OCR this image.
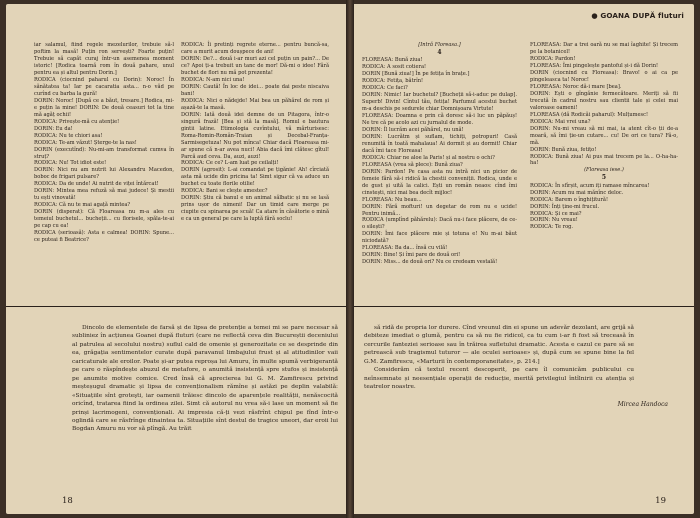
iar salamul, fiind regele mezelurilor, trebuie să-l poftim la masă! Puțin ron servești? Foarte puțin! Trebuie să capăt curaj într-un asemenea moment istoric! [Rodica toarnă rom în două pahare, unul pentru ea și altul pentru Dorin.]

RODICA (ciocnind paharul cu Dorin): Noroc! În sănătatea ta! Iar pe cacaratia asta... n-o văd pe curînd cu barba la gură!

DORIN: Noroc! [După ce a băut, tresare.] Rodica, mi-e puțin la mine! DORIN: De două ceasuri tot la tine mă agăț ochii!

RODICA: Privește-mă cu atenție!

DORIN: Eu da!

RODICA: Nu te chiori asa!

RODICA: Te-am văzut! Șterge-te la nas!

DORIN (executînd): Nu-mi-am transformat cumva în struț?

RODICA: Nu! Tot idiot este!

DORIN: Nici nu am nutrit lui Alexandru Macedon, boboc de frigari pulsare?

RODICA: Da de unde! Ai nutrit de viței întărcat!

DORIN: Mintea mea refuză să mai judece! Și mestii tu ești vinovată!

RODICA: Că nu te mai agață mintea?

DORIN (disperat): Că Floareasa nu m-a ales cu temeiul buchetul... bucheții... cu florisele, spăla-te-ai pe cap cu ea!

RODICA (serioasă): Asta e calmea! DORIN: Spune... ce puteai fi Beatrice?

RODICA: Îi pretinți regrete eterne... pentru buncă-sa, care a murit acum doușpece de ani!

DORIN: De?... două i-ar muri azi cel puțin un pain?... De ce? Apoi ți-a trebuit un tanc de mor! Dă-mi o idee! Fără buchet de flori nu mă pot prezenta!

RODICA: N-am nici una!

DORIN: Caută! În loc de idei... poate dai peste niscaiva bani!

RODICA: Nici o nădejde! Mai bea un păhărel de rom și așază-te la masă.

DORIN: Iată două idei demne de un Pitagora, într-o singură frază! [Bea și stă la masă]. Romul e bautura gintii latine. Etimologia cuvîntului, vă mărturisesc: Roma-Romin-Român-Traian și Decebal-Franța-Sarmisegetuza! Nu pot mînca! Chiar dacă Floareasa mi-ar spune că n-ar avea nuci! Abia dacă îmi clătesc gîtul! Parcă aud ceva. Da, auzi, auzi!

RODICA: Ce ce? L-am luat pe ceilalți!

DORIN (agrosit): L-ai comandat pe țigănie! Ah! cîrciată asta mă ucide din pricina ta! Simt sigur că va aduce un buchet cu toate florile otilie!

RODICA: Bani se clește amestec?

DORIN: Știu că banul e un animal sălbatic și nu se lasă prins ușor de nimeni! Dar un timid care merge pe ciupite cu spinarea pe scuă! Ca atare în căsătorie o mină e ca un general pe care la luptă fără soclu!

Dincolo de elementele de farsă și de lipsa de pretenție a temei mi se pare necesar să subliniez în acțiunea Goanei după fluturi (care ne reflectă ceva din Bucureștii deceniului al patrulea al secolului nostru) suflul cald de omenie și generozitate ce se desprinde din ea, grăgația sentimentelor curate după paravanul limbajului frust și al atitudinilor vaii caricaturale ale eroilor. Poate și-ar putea reproșa lui Amuru, în multe spumă verbigerantă pe care o răspîndește abuzul de metafore, o anumită insistență spre stufos și insistență pe anumite motive comice. Cred însă că aprecierea lui G. M. Zamfirescu privind meșteșugul dramatic și lipsa de convenționalism rămîne și astăzi pe deplin valabilă: «Situațiile sînt groteşti, iar oamenii trăiesc dincolo de aparențele realității, nenăscocită oricînd, tratarea fiind la ordinea zilei. Simt că autorul nu vrea să-i lase un moment să fie prinși lacrimogeni, convenționali. Ai impresia că-ți vezi răsfrînt chipul pe fînd într-o oglindă care se răsfrînge dinaintea ta. Situațiile sînt destul de tragice uneori, dar eroii lui Bogdan Amuru nu vor să plîngă. Au trăit

18
● GOANA DUPĂ fluturi

[Intră Floreasa.]

4

FLOREASA: Bună ziua!

RODICA: A sosit cotiera!

DORIN [Bună ziua!] În pe fetița în brațe.]

RODICA: Fetița, bătrîn!

RODICA: Ce faci?

DORIN: Nimic! Iar buchetul? [Bucheții să-i-aduc pe dulap]. Superb! Divin! Cîntul tău, fetița! Parfumul acestui buchet m-a deschis pe sedurele chiar Domnișoara Virtute!

FLOREASA: Doamna e prin că doresc să-i luc un păpăuș! Ne tre că pe acolo azi cu jurnalul de mode.

DORIN: Îl lucrăm acei păhărel, nu ună!

DORIN: Lucrătm și suflam, tichiți, potropuri! Casă renumită în toată mahalaua! Ai dormit și au dormit! Chiar dacă îmi tace Floreasa!

RODICA: Chiar ne aloe la Paris! și al nostru o ochi?

FLOREASA (vrea să plece): Bună ziua?

DORIN: Pardon! Pe casa asta nu intră nici un picior de femeie fără să-i ridică la chestii conveniții. Rodica, unde e de gust și uită la calici. Ești un român neaos: cînd îmi cinstești, nici mai bea decît mijloc!

FLOREASA: Nu beau...

DORIN: Fără mofturi! un degetar de rom nu e ucide! Pentru inimă...

RODICA (umplînd păhărelu): Dacă nu-i face plăcere, de ce-o silești?

DORIN: Îmi face plăcere mie și totuna e! Nu m-ai băut niciodată?

FLOREASA: Ba da... însă cu vilă!

DORIN: Bine! Și îmi pare de două ori!

DORIN: Miss... de două ori? Nu ce credeam vestală!

FLOREASA: Dar a trei oară nu se mai îaghite! Și trecem pe la botanicel!

RODICA: Pardon!

FLOREASA: Îmi pingelește pantoful și-i dă Dorin!

DORIN (ciocnind cu Floreasa): Bravo! o ai ca pe pingeleasca ta! Noroc!

FLOREASA: Noroc dă-i mare [bea].

DORIN: Ești o gîngănie fermecătoare. Meriți să fii trecută în cadrul nostru sau clientii tale și celei mai valoroase oameni!

FLOREASA (dă Rodicăi paharul): Mulțumesc!

RODICA: Mai vrei una?

DORIN: Nu-mi vreau să mi mai, ia atent cît-o ții de-a moară, să îmi ție-un cutare... cu! De ori ce tura? Fă-o, mă.

DORIN: Bună ziua, fetițo!

RODICA: Bună ziua! Ai pus mai trecem pe la... O-ha-ha-ha!

(Floreasa iese.)

5

RODICA: În sfîrșit, acum iți ramase mîncarea!

DORIN: Acum nu mai mănînc deloc.

RODICA: Barem o înghițitură!

DORIN: Înți ține-mi frucul.

RODICA: Și ce mai?

DORIN: Nu vreau!

RODICA: Te rog.

să ridă de propria lor durere. Cînd vreunul din ei spune un adevăr dezolant, are grijă să debiteze imediat o glumă, pentru ca să nu fie ridicol, ca tu cum i-ar fi fost să treceasă în cercurile fanteziei serioase sau în trăirea sufletului dramatic. Acesta e cazul ce pare să se petrească sub tragismul tuturor — ale oculei serioase» și, după cum se spune bine la fel G.M. Zamfirescu, «Marturii în contemporaneitate», p. 214.]

Considerăm că textul recent descoperit, pe care îl comunicăm publicului cu neînsemnate și neesențiale operații de reducție, merită privilegiul întîlnirii cu atenția și teatrelor noastre.

Mircea Handoca
19
